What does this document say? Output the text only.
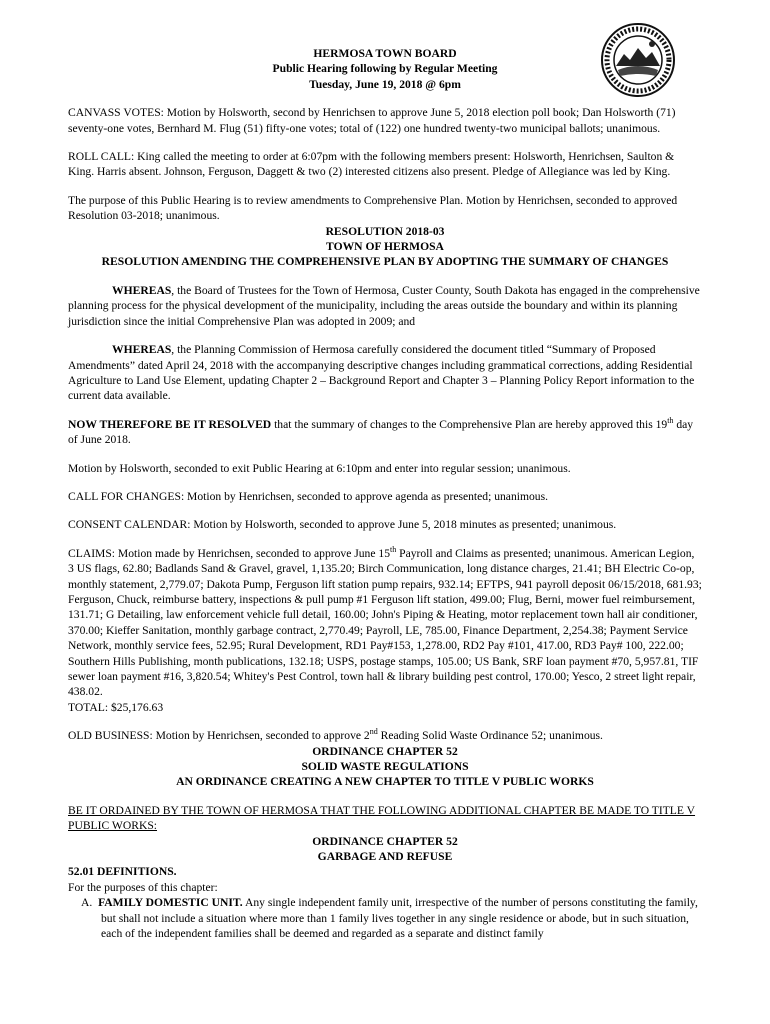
HERMOSA TOWN BOARD
Public Hearing following by Regular Meeting
Tuesday, June 19, 2018 @ 6pm

CANVASS VOTES: Motion by Holsworth, second by Henrichsen to approve June 5, 2018 election poll book; Dan Holsworth (71) seventy-one votes, Bernhard M. Flug (51) fifty-one votes; total of (122) one hundred twenty-two municipal ballots; unanimous.

ROLL CALL: King called the meeting to order at 6:07pm with the following members present: Holsworth, Henrichsen, Saulton & King. Harris absent. Johnson, Ferguson, Daggett & two (2) interested citizens also present. Pledge of Allegiance was led by King.

The purpose of this Public Hearing is to review amendments to Comprehensive Plan. Motion by Henrichsen, seconded to approved Resolution 03-2018; unanimous.

RESOLUTION 2018-03
TOWN OF HERMOSA
RESOLUTION AMENDING THE COMPREHENSIVE PLAN BY ADOPTING THE SUMMARY OF CHANGES

WHEREAS, the Board of Trustees for the Town of Hermosa, Custer County, South Dakota has engaged in the comprehensive planning process for the physical development of the municipality, including the areas outside the boundary and within its planning jurisdiction since the initial Comprehensive Plan was adopted in 2009; and

WHEREAS, the Planning Commission of Hermosa carefully considered the document titled “Summary of Proposed Amendments” dated April 24, 2018 with the accompanying descriptive changes including grammatical corrections, adding Residential Agriculture to Land Use Element, updating Chapter 2 – Background Report and Chapter 3 – Planning Policy Report information to the current data available.

NOW THEREFORE BE IT RESOLVED that the summary of changes to the Comprehensive Plan are hereby approved this 19th day of June 2018.

Motion by Holsworth, seconded to exit Public Hearing at 6:10pm and enter into regular session; unanimous.

CALL FOR CHANGES: Motion by Henrichsen, seconded to approve agenda as presented; unanimous.

CONSENT CALENDAR: Motion by Holsworth, seconded to approve June 5, 2018 minutes as presented; unanimous.

CLAIMS: Motion made by Henrichsen, seconded to approve June 15th Payroll and Claims as presented; unanimous. American Legion, 3 US flags, 62.80; Badlands Sand & Gravel, gravel, 1,135.20; Birch Communication, long distance charges, 21.41; BH Electric Co-op, monthly statement, 2,779.07; Dakota Pump, Ferguson lift station pump repairs, 932.14; EFTPS, 941 payroll deposit 06/15/2018, 681.93; Ferguson, Chuck, reimburse battery, inspections & pull pump #1 Ferguson lift station, 499.00; Flug, Berni, mower fuel reimbursement, 131.71; G Detailing, law enforcement vehicle full detail, 160.00; John's Piping & Heating, motor replacement town hall air conditioner, 370.00; Kieffer Sanitation, monthly garbage contract, 2,770.49; Payroll, LE, 785.00, Finance Department, 2,254.38; Payment Service Network, monthly service fees, 52.95; Rural Development, RD1 Pay#153, 1,278.00, RD2 Pay #101, 417.00, RD3 Pay# 100, 222.00; Southern Hills Publishing, month publications, 132.18; USPS, postage stamps, 105.00; US Bank, SRF loan payment #70, 5,957.81, TIF sewer loan payment #16, 3,820.54; Whitey's Pest Control, town hall & library building pest control, 170.00; Yesco, 2 street light repair, 438.02.
TOTAL: $25,176.63

OLD BUSINESS: Motion by Henrichsen, seconded to approve 2nd Reading Solid Waste Ordinance 52; unanimous.

ORDINANCE CHAPTER 52
SOLID WASTE REGULATIONS
AN ORDINANCE CREATING A NEW CHAPTER TO TITLE V PUBLIC WORKS
BE IT ORDAINED BY THE TOWN OF HERMOSA THAT THE FOLLOWING ADDITIONAL CHAPTER BE MADE TO TITLE V PUBLIC WORKS:
ORDINANCE CHAPTER 52
GARBAGE AND REFUSE
52.01 DEFINITIONS.
For the purposes of this chapter:
A. FAMILY DOMESTIC UNIT. Any single independent family unit, irrespective of the number of persons constituting the family, but shall not include a situation where more than 1 family lives together in any single residence or abode, but in such situation, each of the independent families shall be deemed and regarded as a separate and distinct family
